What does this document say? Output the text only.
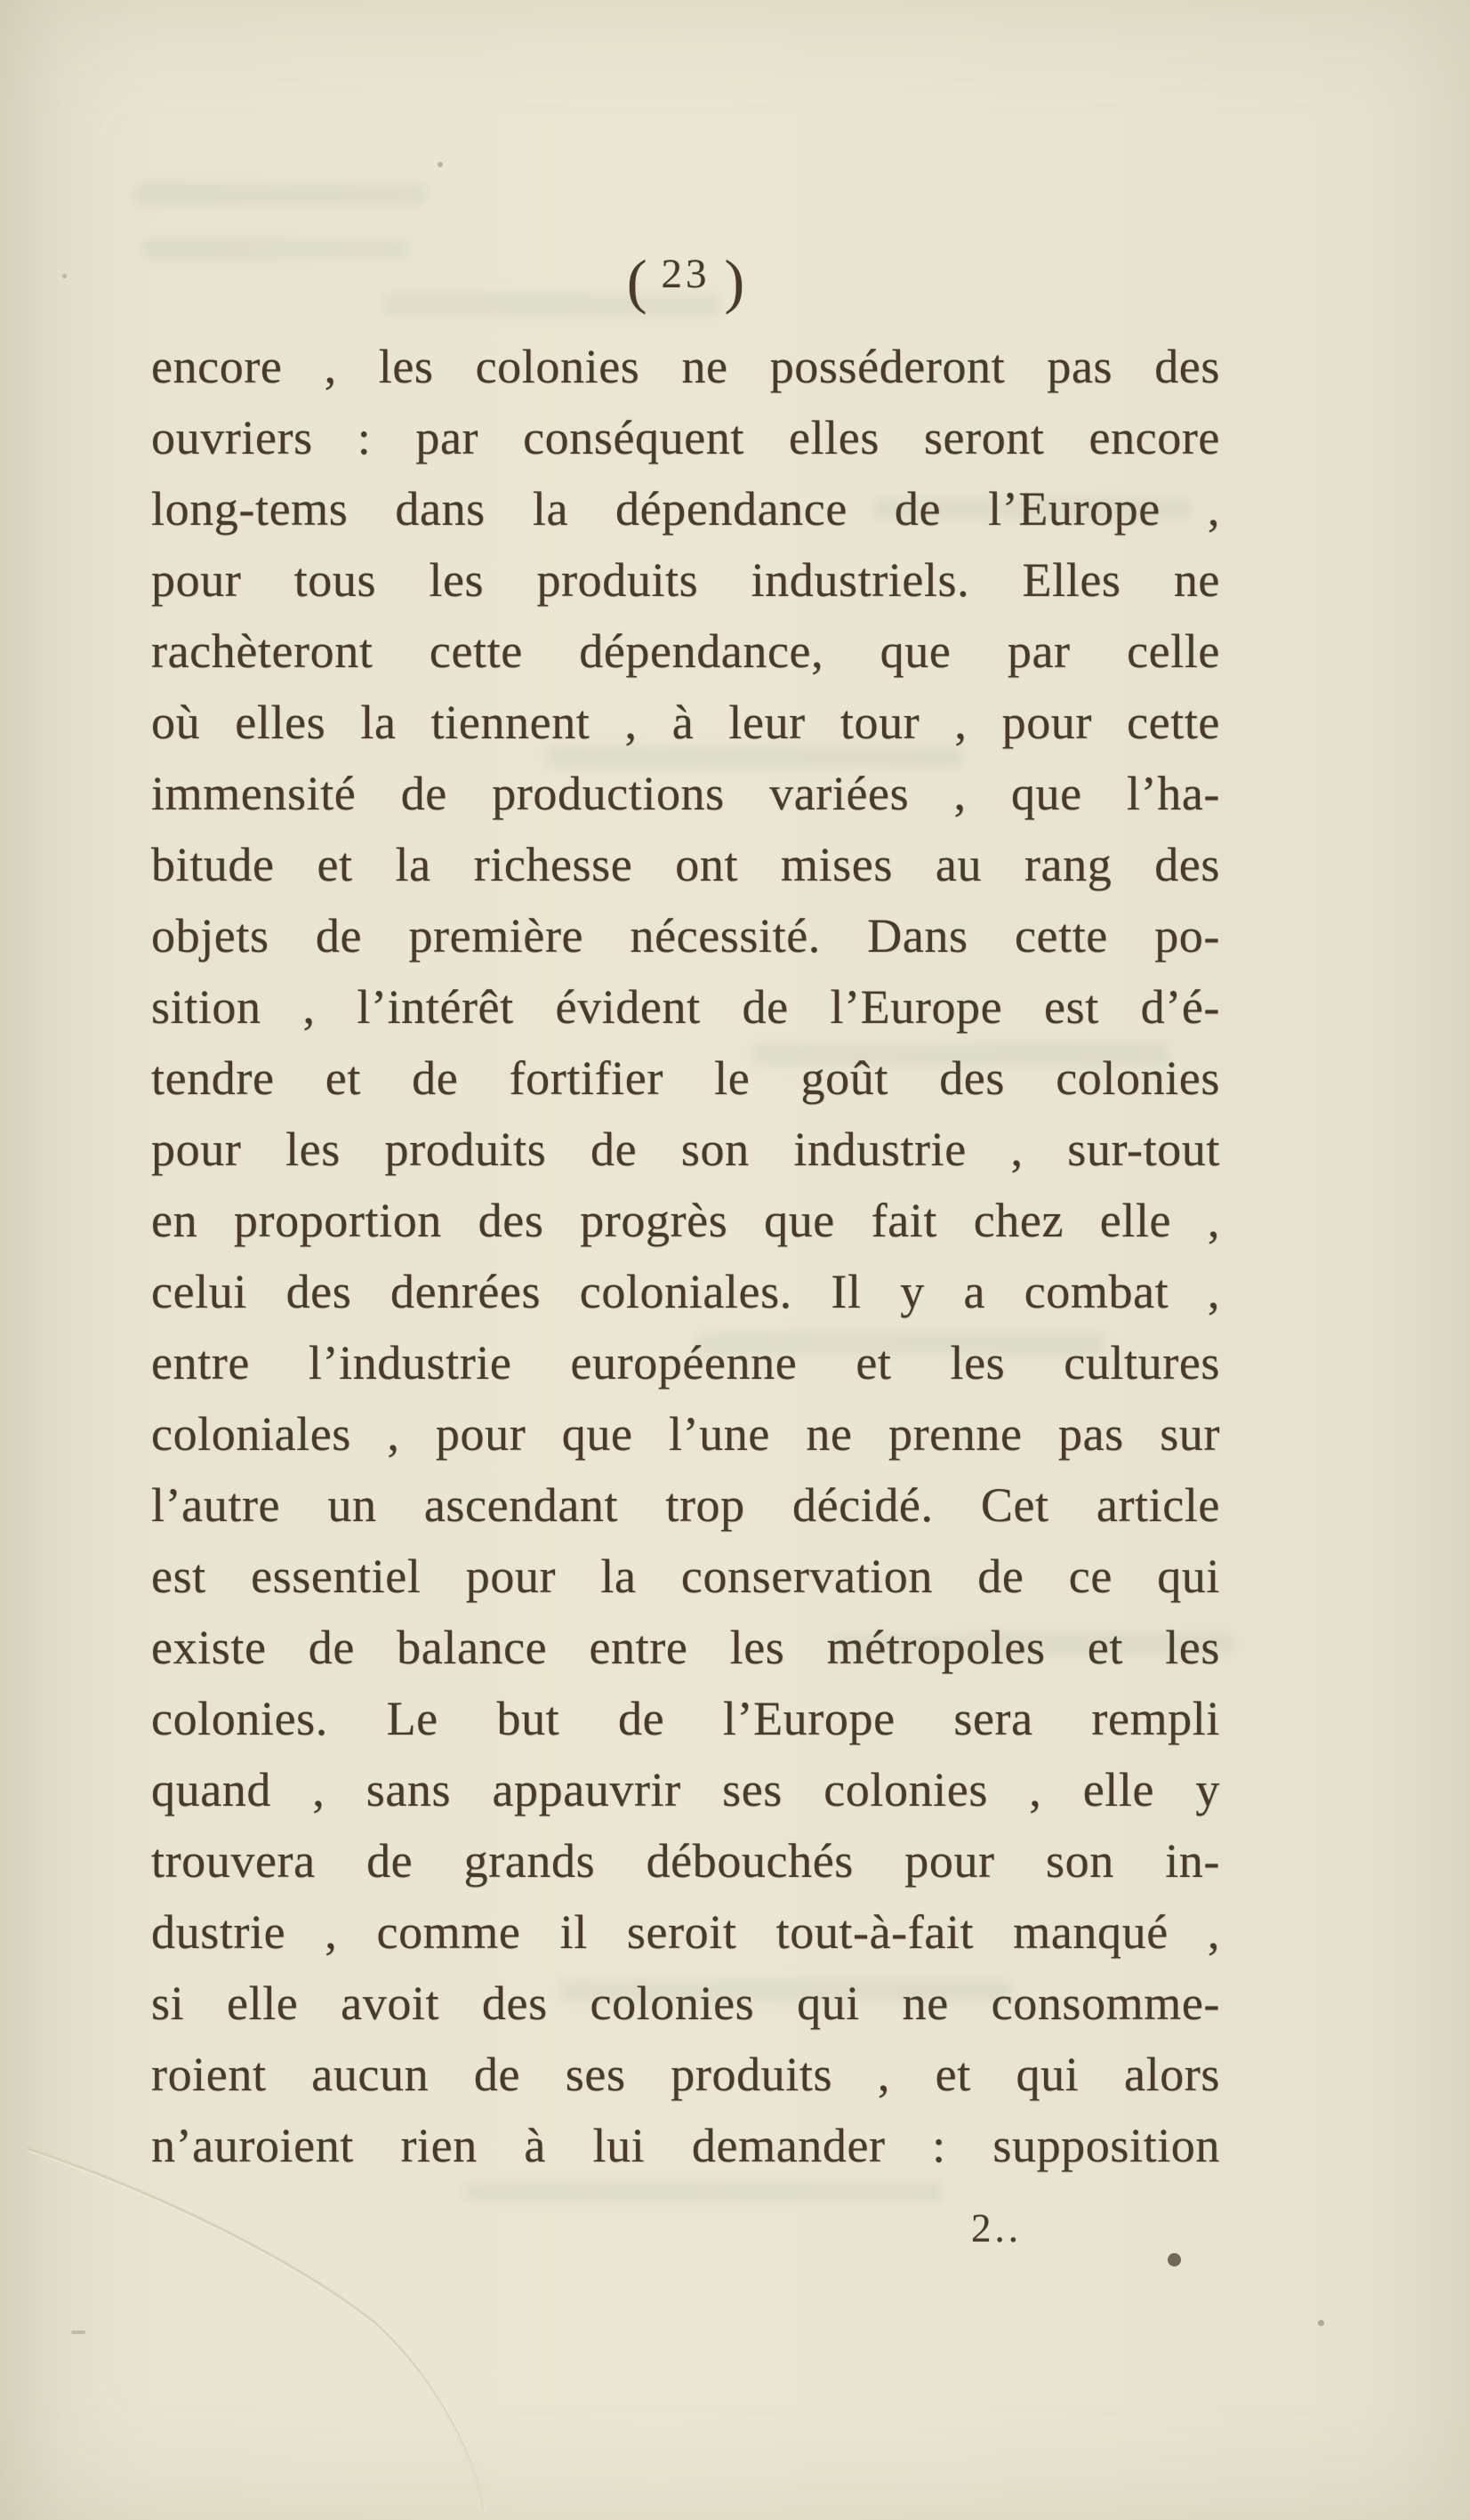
( 23 )
encore , les colonies ne posséderont pas des
ouvriers : par conséquent elles seront encore
long-tems dans la dépendance de l’Europe ,
pour tous les produits industriels. Elles ne
rachèteront cette dépendance, que par celle
où elles la tiennent , à leur tour , pour cette
immensité de productions variées , que l’ha-
bitude et la richesse ont mises au rang des
objets de première nécessité. Dans cette po-
sition , l’intérêt évident de l’Europe est d’é-
tendre et de fortifier le goût des colonies
pour les produits de son industrie , sur-tout
en proportion des progrès que fait chez elle ,
celui des denrées coloniales. Il y a combat ,
entre l’industrie européenne et les cultures
coloniales , pour que l’une ne prenne pas sur
l’autre un ascendant trop décidé. Cet article
est essentiel pour la conservation de ce qui
existe de balance entre les métropoles et les
colonies. Le but de l’Europe sera rempli
quand , sans appauvrir ses colonies , elle y
trouvera de grands débouchés pour son in-
dustrie , comme il seroit tout-à-fait manqué ,
si elle avoit des colonies qui ne consomme-
roient aucun de ses produits , et qui alors
n’auroient rien à lui demander : supposition
2..
